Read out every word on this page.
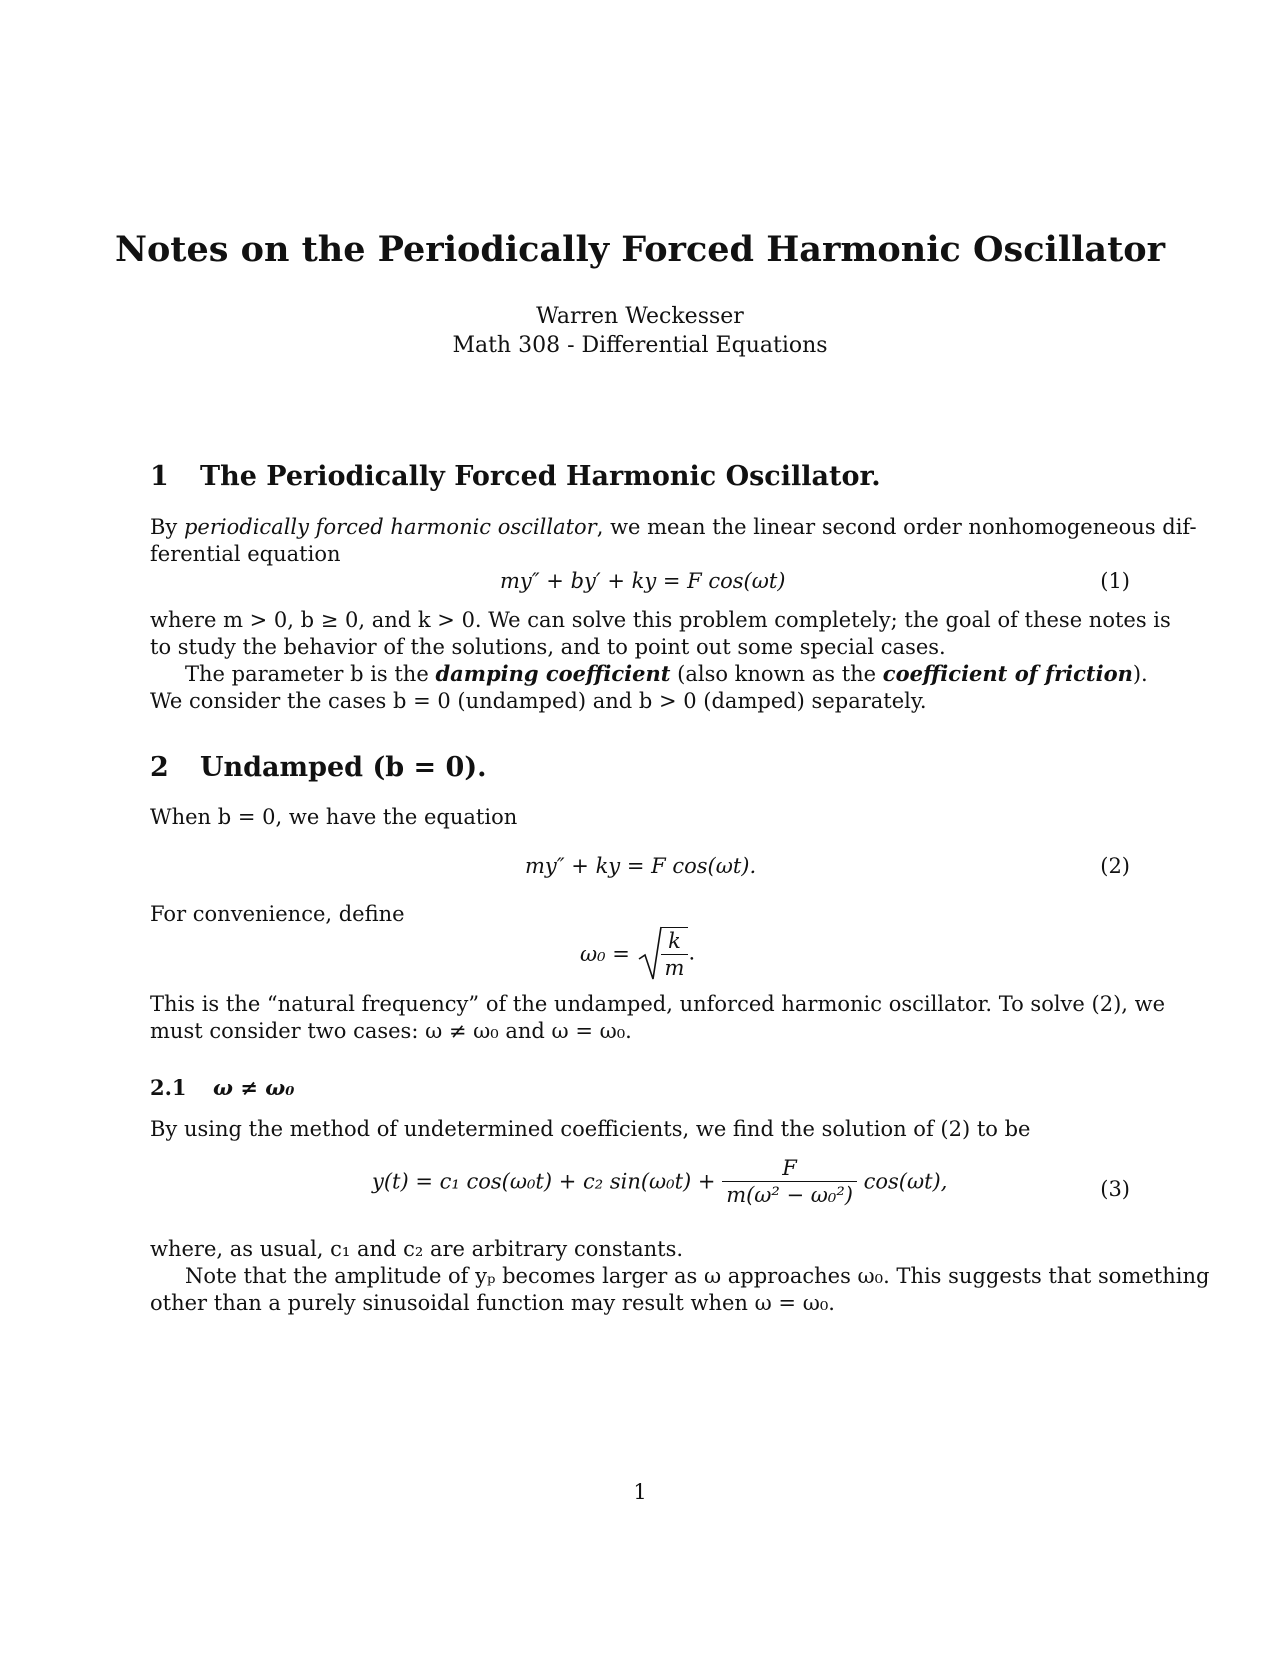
Notes on the Periodically Forced Harmonic Oscillator
Warren Weckesser
Math 308 - Differential Equations
1 The Periodically Forced Harmonic Oscillator.
By periodically forced harmonic oscillator, we mean the linear second order nonhomogeneous dif-
ferential equation
my″ + by′ + ky = F cos(ωt)	(1)
where m > 0, b ≥ 0, and k > 0. We can solve this problem completely; the goal of these notes is
to study the behavior of the solutions, and to point out some special cases.
The parameter b is the damping coefficient (also known as the coefficient of friction).
We consider the cases b = 0 (undamped) and b > 0 (damped) separately.
2 Undamped (b = 0).
When b = 0, we have the equation
my″ + ky = F cos(ωt).	(2)
For convenience, define
$\omega_0 = \frac{k}{m}$ .
This is the “natural frequency” of the undamped, unforced harmonic oscillator. To solve (2), we
must consider two cases: ω ≠ ω₀ and ω = ω₀.
2.1 ω ≠ ω₀
By using the method of undetermined coefficients, we find the solution of (2) to be
y(t) = c₁ cos(ω₀t) + c₂ $\sin(\omega_0t) + \frac{F}{\text{m(ω² − ω₀²)}} \cos(\omega t)$,	(3)
where, as usual, c₁ and c₂ are arbitrary constants.
Note that the amplitude of yₚ becomes larger as ω approaches ω₀. This suggests that something
other than a purely sinusoidal function may result when ω = ω₀.
1
